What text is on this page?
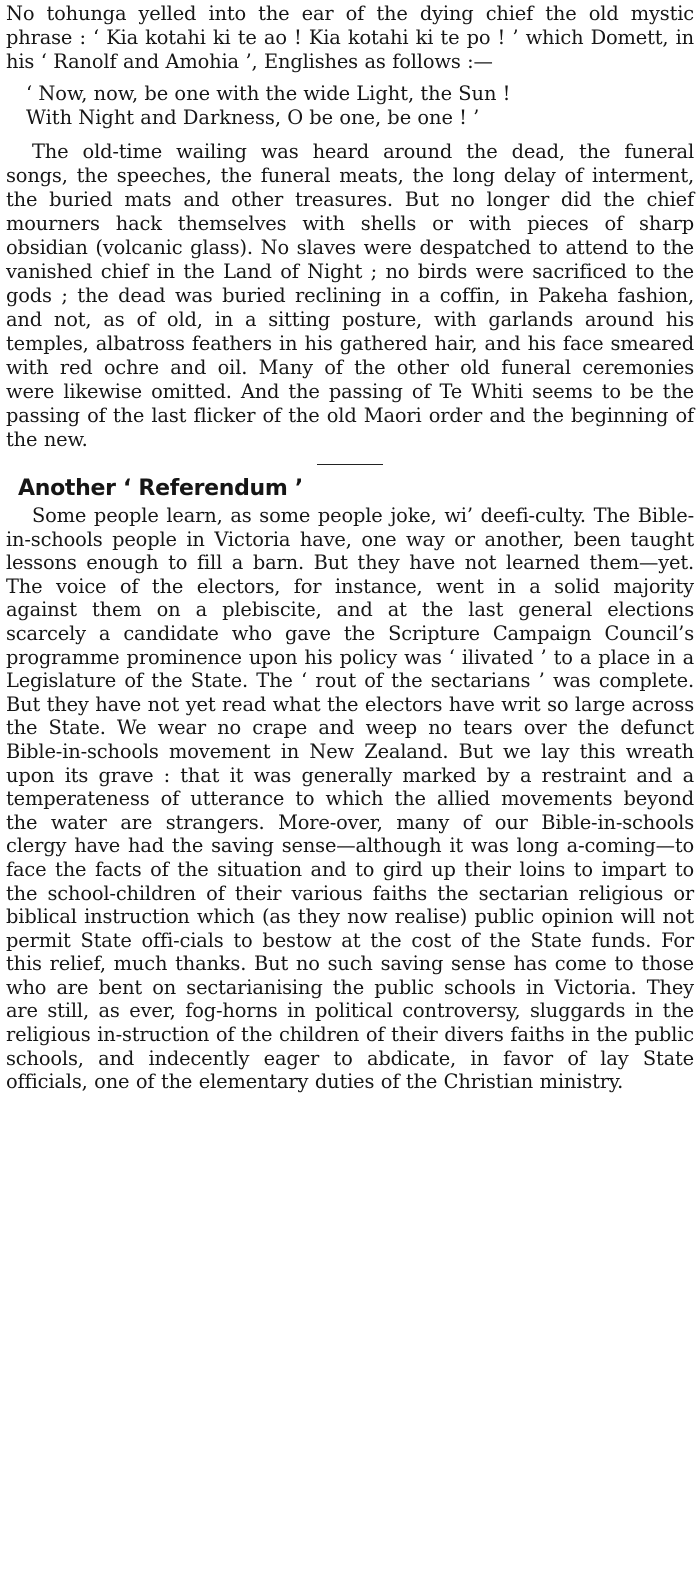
No tohunga yelled into the ear of the dying chief the old mystic phrase : ‘ Kia kotahi ki te ao ! Kia kotahi ki te po ! ’ which Domett, in his ‘ Ranolf and Amohia ’, Englishes as follows :—

‘ Now, now, be one with the wide Light, the Sun !
With Night and Darkness, O be one, be one ! ’

The old-time wailing was heard around the dead, the funeral songs, the speeches, the funeral meats, the long delay of interment, the buried mats and other treasures. But no longer did the chief mourners hack themselves with shells or with pieces of sharp obsidian (volcanic glass). No slaves were despatched to attend to the vanished chief in the Land of Night ; no birds were sacrificed to the gods ; the dead was buried reclining in a coffin, in Pakeha fashion, and not, as of old, in a sitting posture, with garlands around his temples, albatross feathers in his gathered hair, and his face smeared with red ochre and oil. Many of the other old funeral ceremonies were likewise omitted. And the passing of Te Whiti seems to be the passing of the last flicker of the old Maori order and the beginning of the new.

Another ‘ Referendum ’

Some people learn, as some people joke, wi’ deefi-culty. The Bible-in-schools people in Victoria have, one way or another, been taught lessons enough to fill a barn. But they have not learned them—yet. The voice of the electors, for instance, went in a solid majority against them on a plebiscite, and at the last general elections scarcely a candidate who gave the Scripture Campaign Council’s programme prominence upon his policy was ‘ ilivated ’ to a place in a Legislature of the State. The ‘ rout of the sectarians ’ was complete. But they have not yet read what the electors have writ so large across the State. We wear no crape and weep no tears over the defunct Bible-in-schools movement in New Zealand. But we lay this wreath upon its grave : that it was generally marked by a restraint and a temperateness of utterance to which the allied movements beyond the water are strangers. More-over, many of our Bible-in-schools clergy have had the saving sense—although it was long a-coming—to face the facts of the situation and to gird up their loins to impart to the school-children of their various faiths the sectarian religious or biblical instruction which (as they now realise) public opinion will not permit State offi-cials to bestow at the cost of the State funds. For this relief, much thanks. But no such saving sense has come to those who are bent on sectarianising the public schools in Victoria. They are still, as ever, fog-horns in political controversy, sluggards in the religious in-struction of the children of their divers faiths in the public schools, and indecently eager to abdicate, in favor of lay State officials, one of the elementary duties of the Christian ministry.
